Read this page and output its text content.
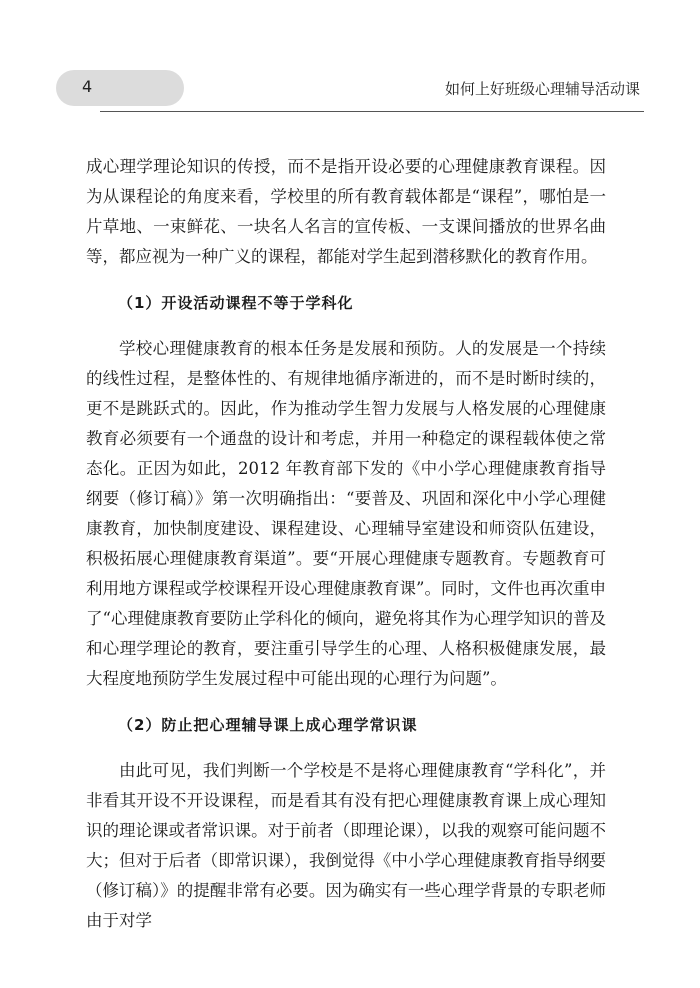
4	如何上好班级心理辅导活动课

成心理学理论知识的传授，而不是指开设必要的心理健康教育课程。因为从课程论的角度来看，学校里的所有教育载体都是“课程”，哪怕是一片草地、一束鲜花、一块名人名言的宣传板、一支课间播放的世界名曲等，都应视为一种广义的课程，都能对学生起到潜移默化的教育作用。

（1）开设活动课程不等于学科化

学校心理健康教育的根本任务是发展和预防。人的发展是一个持续的线性过程，是整体性的、有规律地循序渐进的，而不是时断时续的，更不是跳跃式的。因此，作为推动学生智力发展与人格发展的心理健康教育必须要有一个通盘的设计和考虑，并用一种稳定的课程载体使之常态化。正因为如此，2012 年教育部下发的《中小学心理健康教育指导纲要（修订稿）》第一次明确指出：“要普及、巩固和深化中小学心理健康教育，加快制度建设、课程建设、心理辅导室建设和师资队伍建设，积极拓展心理健康教育渠道”。要“开展心理健康专题教育。专题教育可利用地方课程或学校课程开设心理健康教育课”。同时，文件也再次重申了“心理健康教育要防止学科化的倾向，避免将其作为心理学知识的普及和心理学理论的教育，要注重引导学生的心理、人格积极健康发展，最大程度地预防学生发展过程中可能出现的心理行为问题”。

（2）防止把心理辅导课上成心理学常识课

由此可见，我们判断一个学校是不是将心理健康教育“学科化”，并非看其开设不开设课程，而是看其有没有把心理健康教育课上成心理知识的理论课或者常识课。对于前者（即理论课），以我的观察可能问题不大；但对于后者（即常识课），我倒觉得《中小学心理健康教育指导纲要（修订稿）》的提醒非常有必要。因为确实有一些心理学背景的专职老师由于对学
